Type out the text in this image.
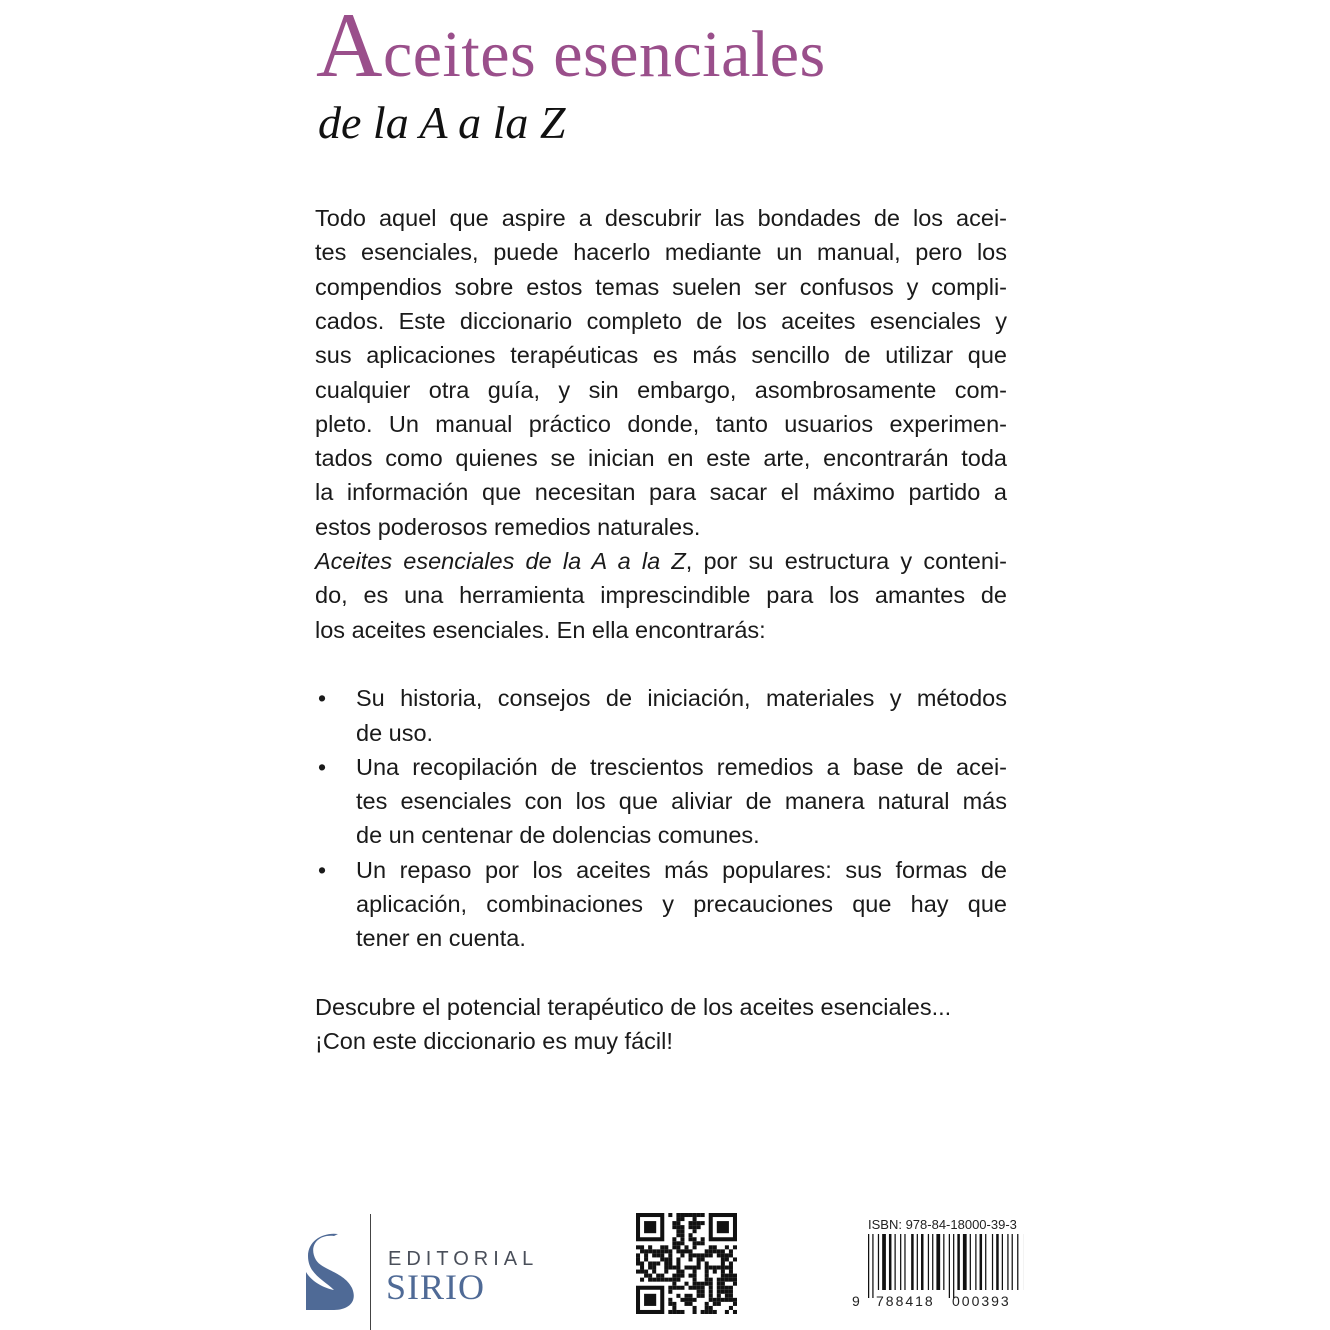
Aceites esenciales
de la A a la Z
Todo aquel que aspire a descubrir las bondades de los acei-
tes esenciales, puede hacerlo mediante un manual, pero los
compendios sobre estos temas suelen ser confusos y compli-
cados. Este diccionario completo de los aceites esenciales y
sus aplicaciones terapéuticas es más sencillo de utilizar que
cualquier otra guía, y sin embargo, asombrosamente com-
pleto. Un manual práctico donde, tanto usuarios experimen-
tados como quienes se inician en este arte, encontrarán toda
la información que necesitan para sacar el máximo partido a
estos poderosos remedios naturales.
Aceites esenciales de la A a la Z, por su estructura y conteni-
do, es una herramienta imprescindible para los amantes de
los aceites esenciales. En ella encontrarás:
• Su historia, consejos de iniciación, materiales y métodos
de uso.
• Una recopilación de trescientos remedios a base de acei-
tes esenciales con los que aliviar de manera natural más
de un centenar de dolencias comunes.
• Un repaso por los aceites más populares: sus formas de
aplicación, combinaciones y precauciones que hay que
tener en cuenta.
Descubre el potencial terapéutico de los aceites esenciales...
¡Con este diccionario es muy fácil!
EDITORIAL
SIRIO
ISBN: 978-84-18000-39-3
9 788418 000393
